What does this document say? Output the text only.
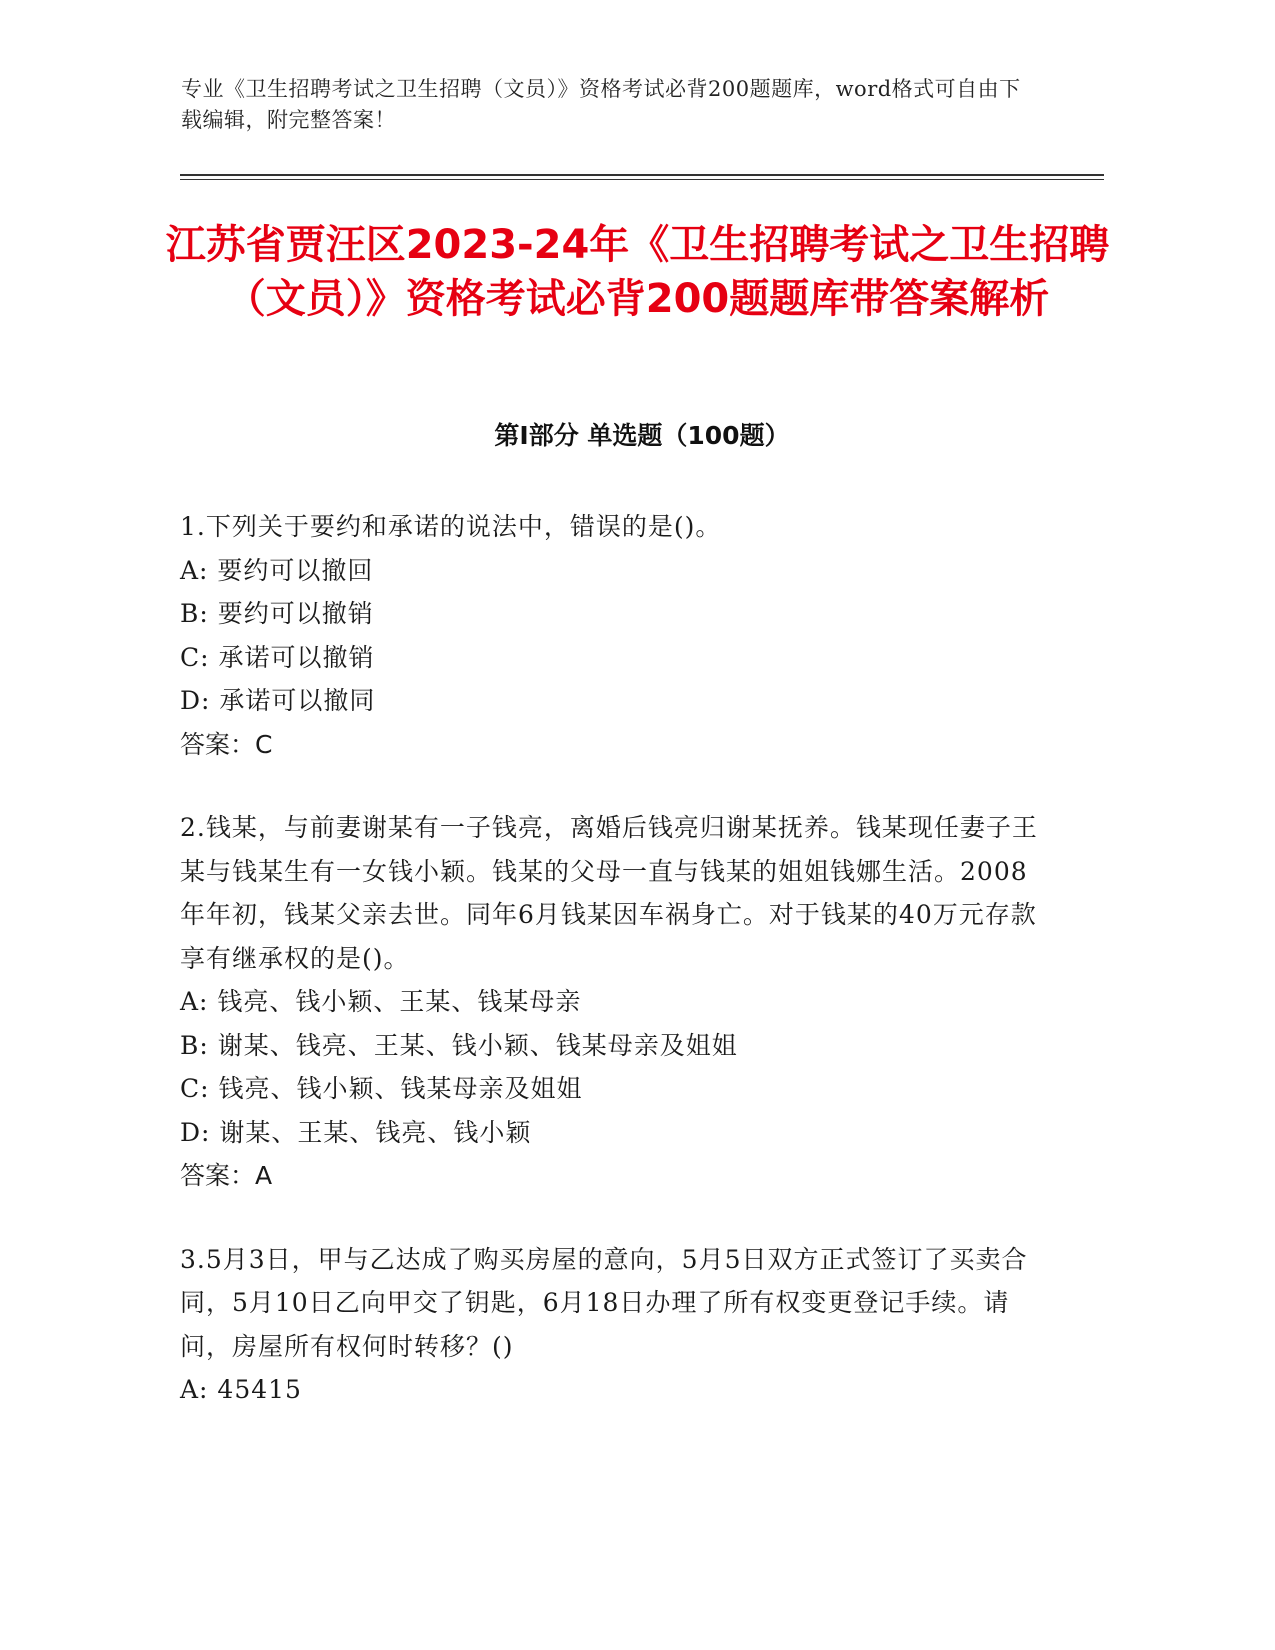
专业《卫生招聘考试之卫生招聘（文员）》资格考试必背200题题库，word格式可自由下载编辑，附完整答案！
江苏省贾汪区2023-24年《卫生招聘考试之卫生招聘（文员）》资格考试必背200题题库带答案解析
第Ⅰ部分 单选题（100题）

1.下列关于要约和承诺的说法中，错误的是()。

A: 要约可以撤回

B: 要约可以撤销

C: 承诺可以撤销

D: 承诺可以撤同

答案：C

2.钱某，与前妻谢某有一子钱亮，离婚后钱亮归谢某抚养。钱某现任妻子王某与钱某生有一女钱小颖。钱某的父母一直与钱某的姐姐钱娜生活。2008年年初，钱某父亲去世。同年6月钱某因车祸身亡。对于钱某的40万元存款享有继承权的是()。

A: 钱亮、钱小颖、王某、钱某母亲

B: 谢某、钱亮、王某、钱小颖、钱某母亲及姐姐

C: 钱亮、钱小颖、钱某母亲及姐姐

D: 谢某、王某、钱亮、钱小颖

答案：A

3.5月3日，甲与乙达成了购买房屋的意向，5月5日双方正式签订了买卖合同，5月10日乙向甲交了钥匙，6月18日办理了所有权变更登记手续。请问，房屋所有权何时转移？()

A: 45415
